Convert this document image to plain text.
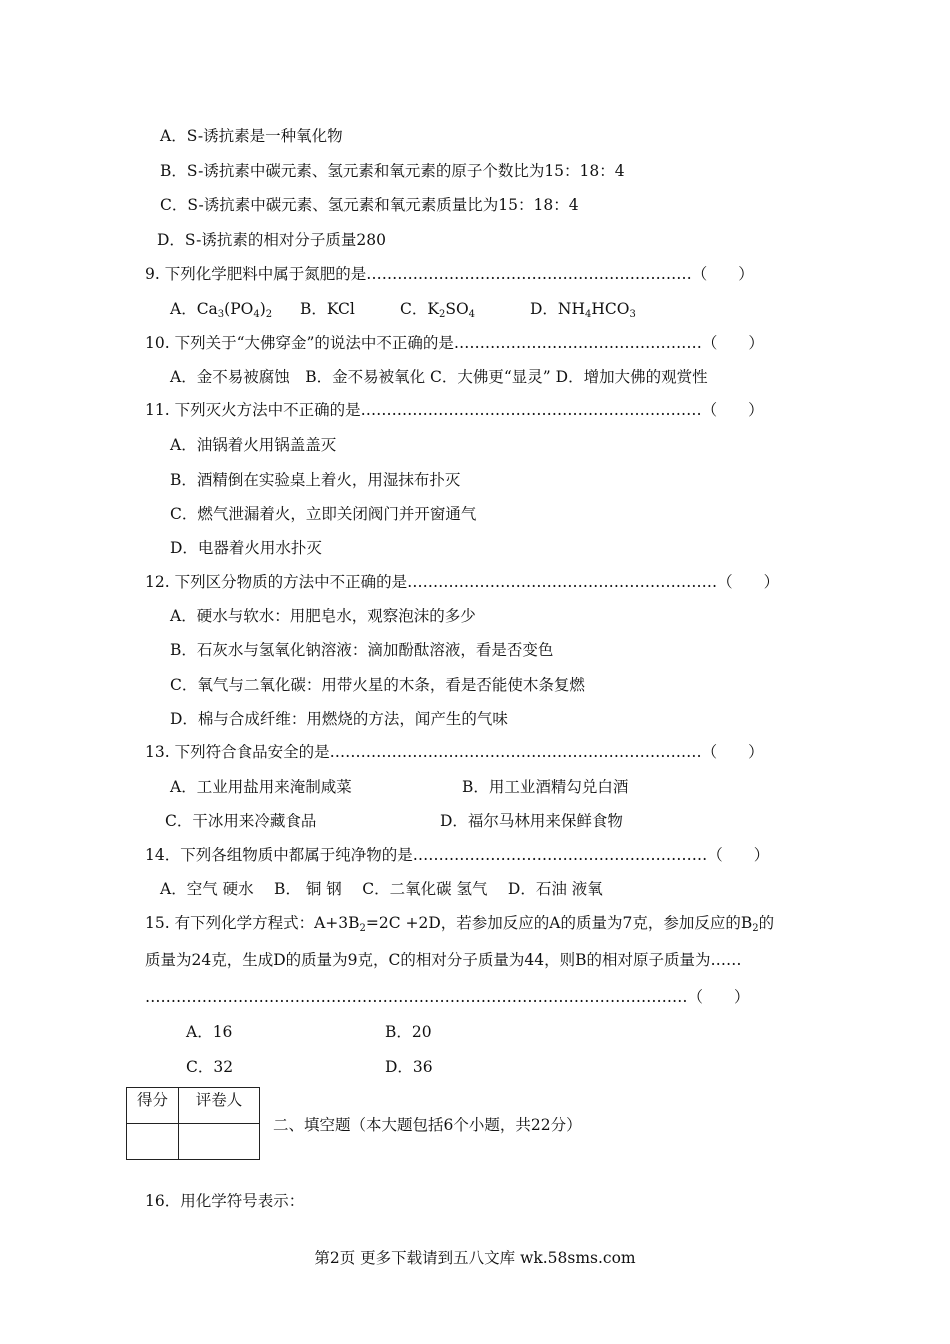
A．S-诱抗素是一种氧化物
B．S-诱抗素中碳元素、氢元素和氧元素的原子个数比为15：18：4
C．S-诱抗素中碳元素、氢元素和氧元素质量比为15：18：4
D．S-诱抗素的相对分子质量280
9. 下列化学肥料中属于氮肥的是………………………………………………………（　　）
A．$Ca_3(PO_4)_2$ B．KCl	C．$K_2SO_4$	D．$NH_4HCO_3$
10. 下列关于“大佛穿金”的说法中不正确的是…………………………………………（　　）
A．金不易被腐蚀　B．金不易被氧化 C．大佛更“显灵” D．增加大佛的观赏性
11. 下列灭火方法中不正确的是…………………………………………………………（　　）
A．油锅着火用锅盖盖灭
B．酒精倒在实验桌上着火，用湿抹布扑灭
C．燃气泄漏着火，立即关闭阀门并开窗通气
D．电器着火用水扑灭
12. 下列区分物质的方法中不正确的是……………………………………………………（　　）
A．硬水与软水：用肥皂水，观察泡沫的多少
B．石灰水与氢氧化钠溶液：滴加酚酞溶液，看是否变色
C．氧气与二氧化碳：用带火星的木条，看是否能使木条复燃
D．棉与合成纤维：用燃烧的方法，闻产生的气味
13. 下列符合食品安全的是………………………………………………………………（　　）
A．工业用盐用来淹制咸菜	B．用工业酒精勾兑白酒
C．干冰用来冷藏食品	D．福尔马林用来保鲜食物
14．下列各组物质中都属于纯净物的是…………………………………………………（　　）
A．空气 硬水　 B． 铜 钢　 C．二氧化碳 氢气　 D．石油 液氧
15. 有下列化学方程式：$A+3B_2=2C +2D$，若参加反应的A的质量为7克，参加反应的$B_2$的
质量为24克，生成D的质量为9克，C的相对分子质量为44，则B的相对原子质量为……
……………………………………………………………………………………………（　　）
A．16	B．20
C．32	D．36
得分	评卷人

二、填空题（本大题包括6个小题，共22分）
16．用化学符号表示：
第2页 更多下载请到五八文库 wk.58sms.com
